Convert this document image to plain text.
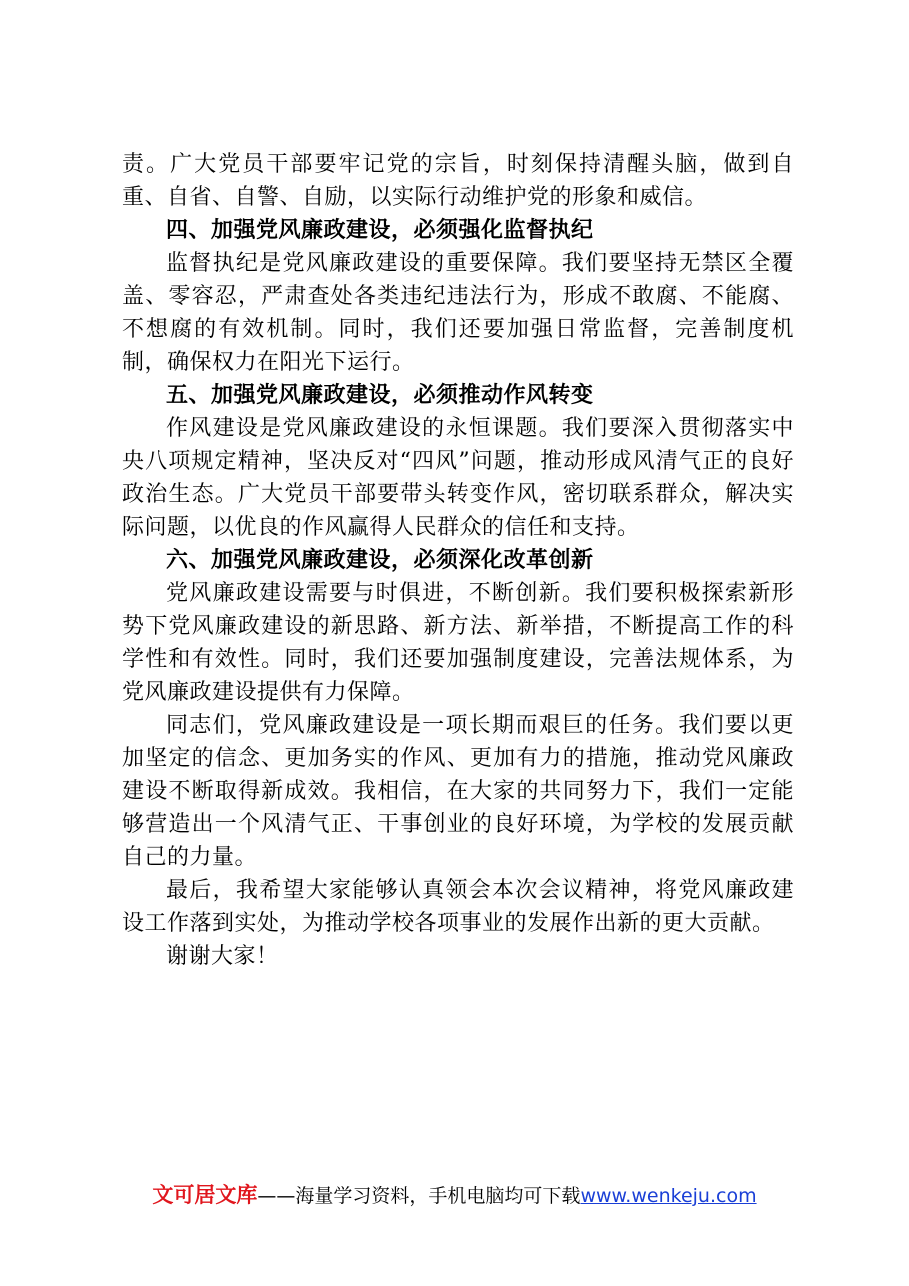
责。广大党员干部要牢记党的宗旨，时刻保持清醒头脑，做到自重、自省、自警、自励，以实际行动维护党的形象和威信。

四、加强党风廉政建设，必须强化监督执纪

监督执纪是党风廉政建设的重要保障。我们要坚持无禁区全覆盖、零容忍，严肃查处各类违纪违法行为，形成不敢腐、不能腐、不想腐的有效机制。同时，我们还要加强日常监督，完善制度机制，确保权力在阳光下运行。

五、加强党风廉政建设，必须推动作风转变

作风建设是党风廉政建设的永恒课题。我们要深入贯彻落实中央八项规定精神，坚决反对“四风”问题，推动形成风清气正的良好政治生态。广大党员干部要带头转变作风，密切联系群众，解决实际问题，以优良的作风赢得人民群众的信任和支持。

六、加强党风廉政建设，必须深化改革创新

党风廉政建设需要与时俱进，不断创新。我们要积极探索新形势下党风廉政建设的新思路、新方法、新举措，不断提高工作的科学性和有效性。同时，我们还要加强制度建设，完善法规体系，为党风廉政建设提供有力保障。

同志们，党风廉政建设是一项长期而艰巨的任务。我们要以更加坚定的信念、更加务实的作风、更加有力的措施，推动党风廉政建设不断取得新成效。我相信，在大家的共同努力下，我们一定能够营造出一个风清气正、干事创业的良好环境，为学校的发展贡献自己的力量。

最后，我希望大家能够认真领会本次会议精神，将党风廉政建设工作落到实处，为推动学校各项事业的发展作出新的更大贡献。

谢谢大家！

文可居文库——海量学习资料，手机电脑均可下载www.wenkeju.com
